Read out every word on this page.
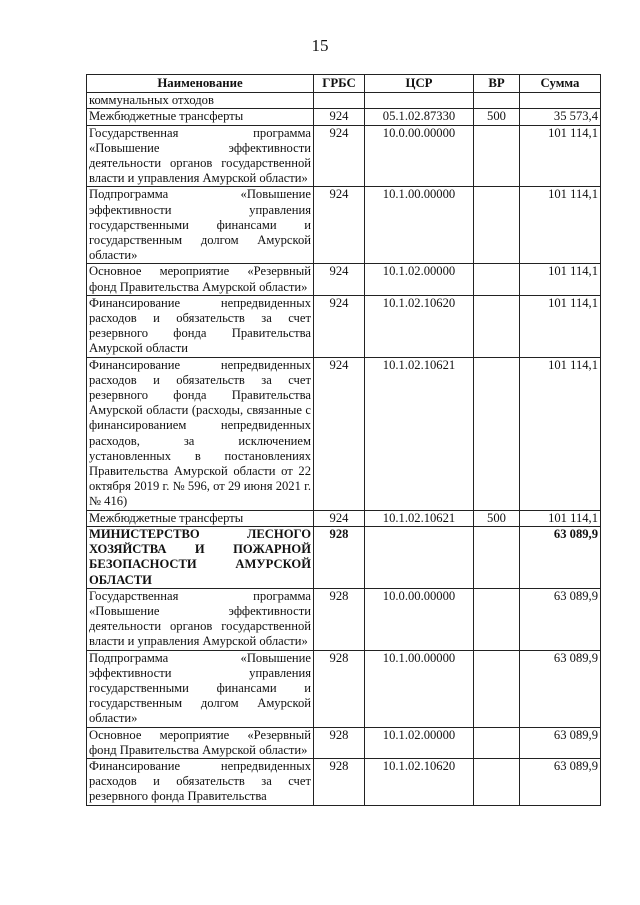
15
Наименование	ГРБС	ЦСР	ВР	Сумма
коммунальных отходов				
Межбюджетные трансферты	924	05.1.02.87330	500	35 573,4
Государственная программа «Повышение эффективности деятельности органов государственной власти и управления Амурской области»	924	10.0.00.00000		101 114,1
Подпрограмма «Повышение эффективности управления государственными финансами и государственным долгом Амурской области»	924	10.1.00.00000		101 114,1
Основное мероприятие «Резервный фонд Правительства Амурской области»	924	10.1.02.00000		101 114,1
Финансирование непредвиденных расходов и обязательств за счет резервного фонда Правительства Амурской области	924	10.1.02.10620		101 114,1
Финансирование непредвиденных расходов и обязательств за счет резервного фонда Правительства Амурской области (расходы, связанные с финансированием непредвиденных расходов, за исключением установленных в постановлениях Правительства Амурской области от 22 октября 2019 г. № 596, от 29 июня 2021 г. № 416)	924	10.1.02.10621		101 114,1
Межбюджетные трансферты	924	10.1.02.10621	500	101 114,1
МИНИСТЕРСТВО ЛЕСНОГО ХОЗЯЙСТВА И ПОЖАРНОЙ БЕЗОПАСНОСТИ АМУРСКОЙ ОБЛАСТИ	928			63 089,9
Государственная программа «Повышение эффективности деятельности органов государственной власти и управления Амурской области»	928	10.0.00.00000		63 089,9
Подпрограмма «Повышение эффективности управления государственными финансами и государственным долгом Амурской области»	928	10.1.00.00000		63 089,9
Основное мероприятие «Резервный фонд Правительства Амурской области»	928	10.1.02.00000		63 089,9
Финансирование непредвиденных расходов и обязательств за счет резервного фонда Правительства	928	10.1.02.10620		63 089,9
